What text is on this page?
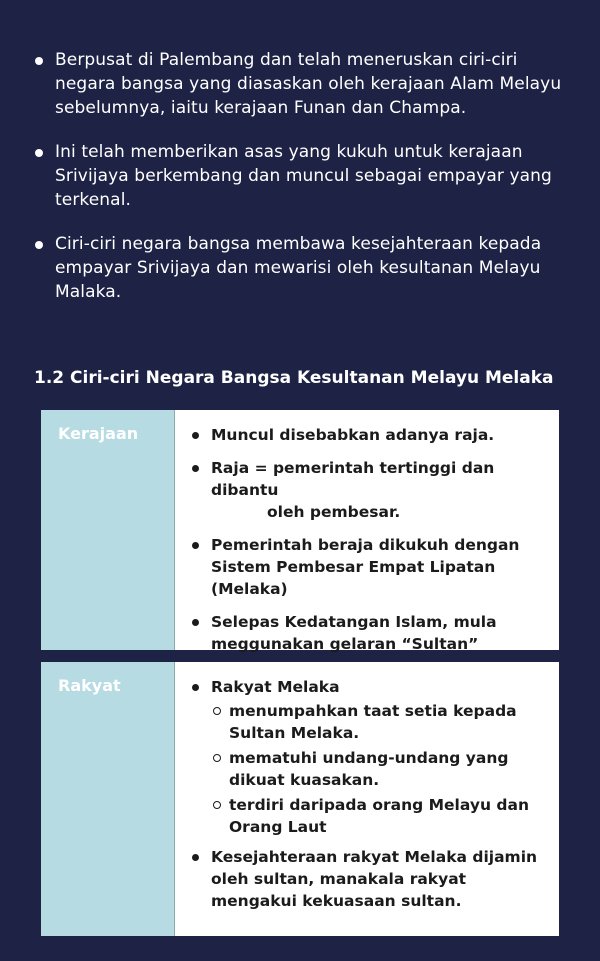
Berpusat di Palembang dan telah meneruskan ciri-ciri negara bangsa yang diasaskan oleh kerajaan Alam Melayu sebelumnya, iaitu kerajaan Funan dan Champa.
Ini telah memberikan asas yang kukuh untuk kerajaan Srivijaya berkembang dan muncul sebagai empayar yang terkenal.
Ciri-ciri negara bangsa membawa kesejahteraan kepada empayar Srivijaya dan mewarisi oleh kesultanan Melayu Malaka.
1.2 Ciri-ciri Negara Bangsa Kesultanan Melayu Melaka
Kerajaan	Muncul disebabkan adanya raja.
Raja = pemerintah tertinggi dan dibantu
oleh pembesar.
Pemerintah beraja dikukuh dengan Sistem Pembesar Empat Lipatan (Melaka)
Selepas Kedatangan Islam, mula meggunakan gelaran “Sultan”
Rakyat	Rakyat Melaka
menumpahkan taat setia kepada Sultan Melaka.
mematuhi undang-undang yang dikuat kuasakan.
terdiri daripada orang Melayu dan Orang Laut
Kesejahteraan rakyat Melaka dijamin oleh sultan, manakala rakyat mengakui kekuasaan sultan.
